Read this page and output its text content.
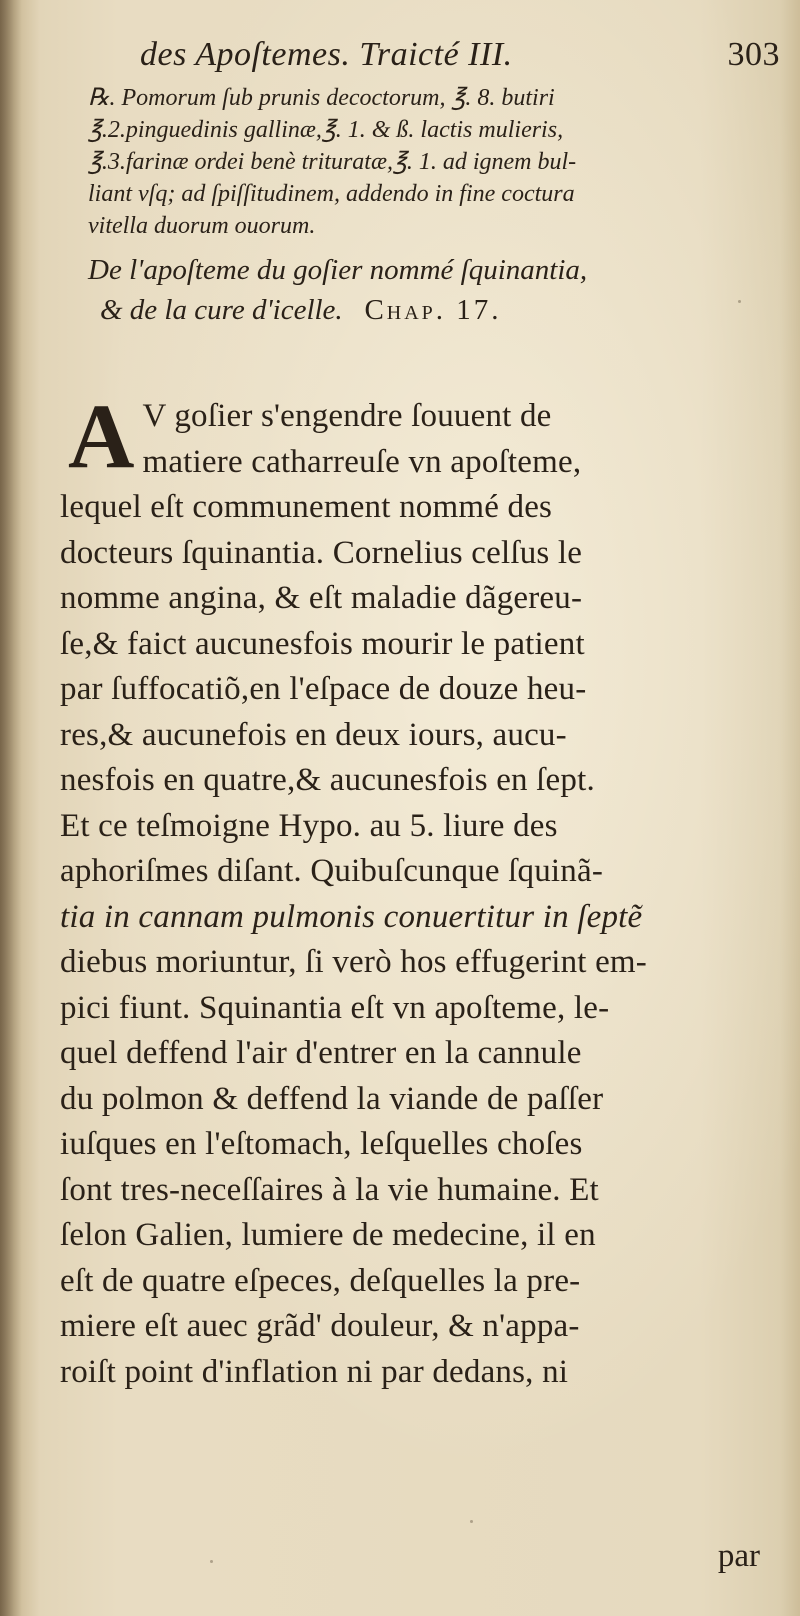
des Apoſtemes. Traicté III.	303
℞. Pomorum ſub prunis decoctorum, ℥. 8. butiri
℥.2.pinguedinis gallinæ,℥. 1. & ß. lactis mulieris,
℥.3.farinæ ordei benè trituratæ,℥. 1. ad ignem bul-
liant vſq; ad ſpiſſitudinem, addendo in fine coctura
vitella duorum ouorum.
De l'apoſteme du goſier nommé ſquinantia,
& de la cure d'icelle. Chap. 17.
A V goſier s'engendre ſouuent de
matiere catharreuſe vn apoſteme,
lequel eſt communement nommé des
docteurs ſquinantia. Cornelius celſus le
nomme angina, & eſt maladie dãgereu-
ſe,& faict aucunesfois mourir le patient
par ſuffocatiõ,en l'eſpace de douze heu-
res,& aucunefois en deux iours, aucu-
nesfois en quatre,& aucunesfois en ſept.
Et ce teſmoigne Hypo. au 5. liure des
aphoriſmes diſant. Quibuſcunque ſquinã-
tia in cannam pulmonis conuertitur in ſeptẽ
diebus moriuntur, ſi verò hos effugerint em-
pici fiunt. Squinantia eſt vn apoſteme, le-
quel deffend l'air d'entrer en la cannule
du polmon & deffend la viande de paſſer
iuſques en l'eſtomach, leſquelles choſes
ſont tres-neceſſaires à la vie humaine. Et
ſelon Galien, lumiere de medecine, il en
eſt de quatre eſpeces, deſquelles la pre-
miere eſt auec grãd' douleur, & n'appa-
roiſt point d'inflation ni par dedans, ni
par
